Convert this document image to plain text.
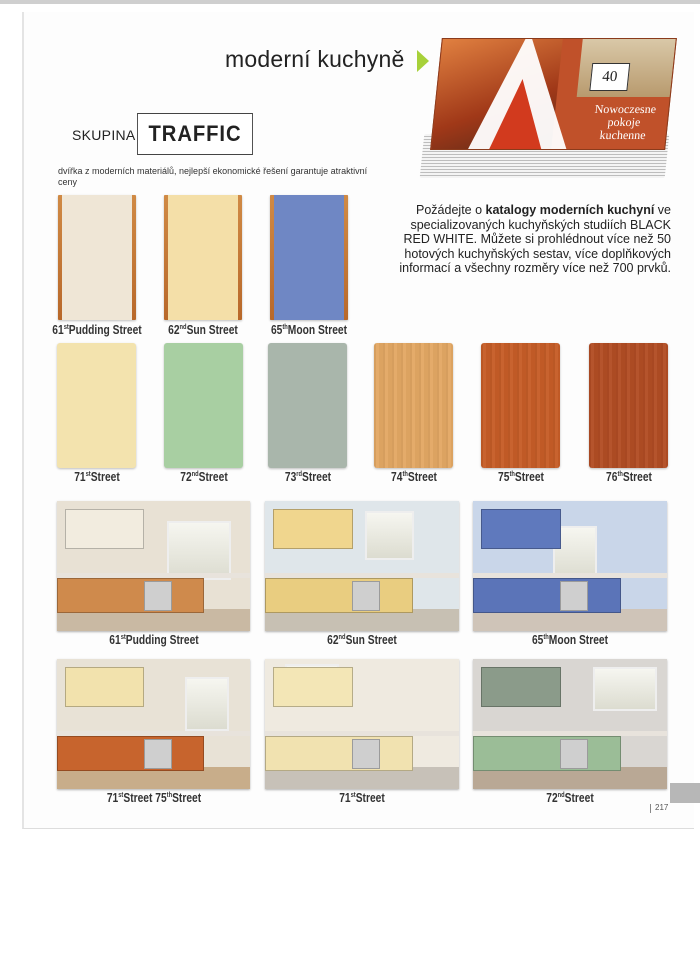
moderní kuchyně
40
Nowoczesne pokoje kuchenne
SKUPINA TRAFFIC
dvířka z moderních materiálů, nejlepší ekonomické řešení garantuje atraktivní ceny
Požádejte o katalogy moderních kuchyní ve specializovaných kuchyňských studiích BLACK RED WHITE. Můžete si prohlédnout více než 50 hotových kuchyňských sestav, více doplňkových informací a všechny rozměry více než 700 prvků.
61stPudding Street	62ndSun Street	65thMoon Street
71stStreet	72ndStreet	73rdStreet	74thStreet	75thStreet	76thStreet
61stPudding Street	62ndSun Street	65thMoon Street
71stStreet 75thStreet	71stStreet	72ndStreet
217
